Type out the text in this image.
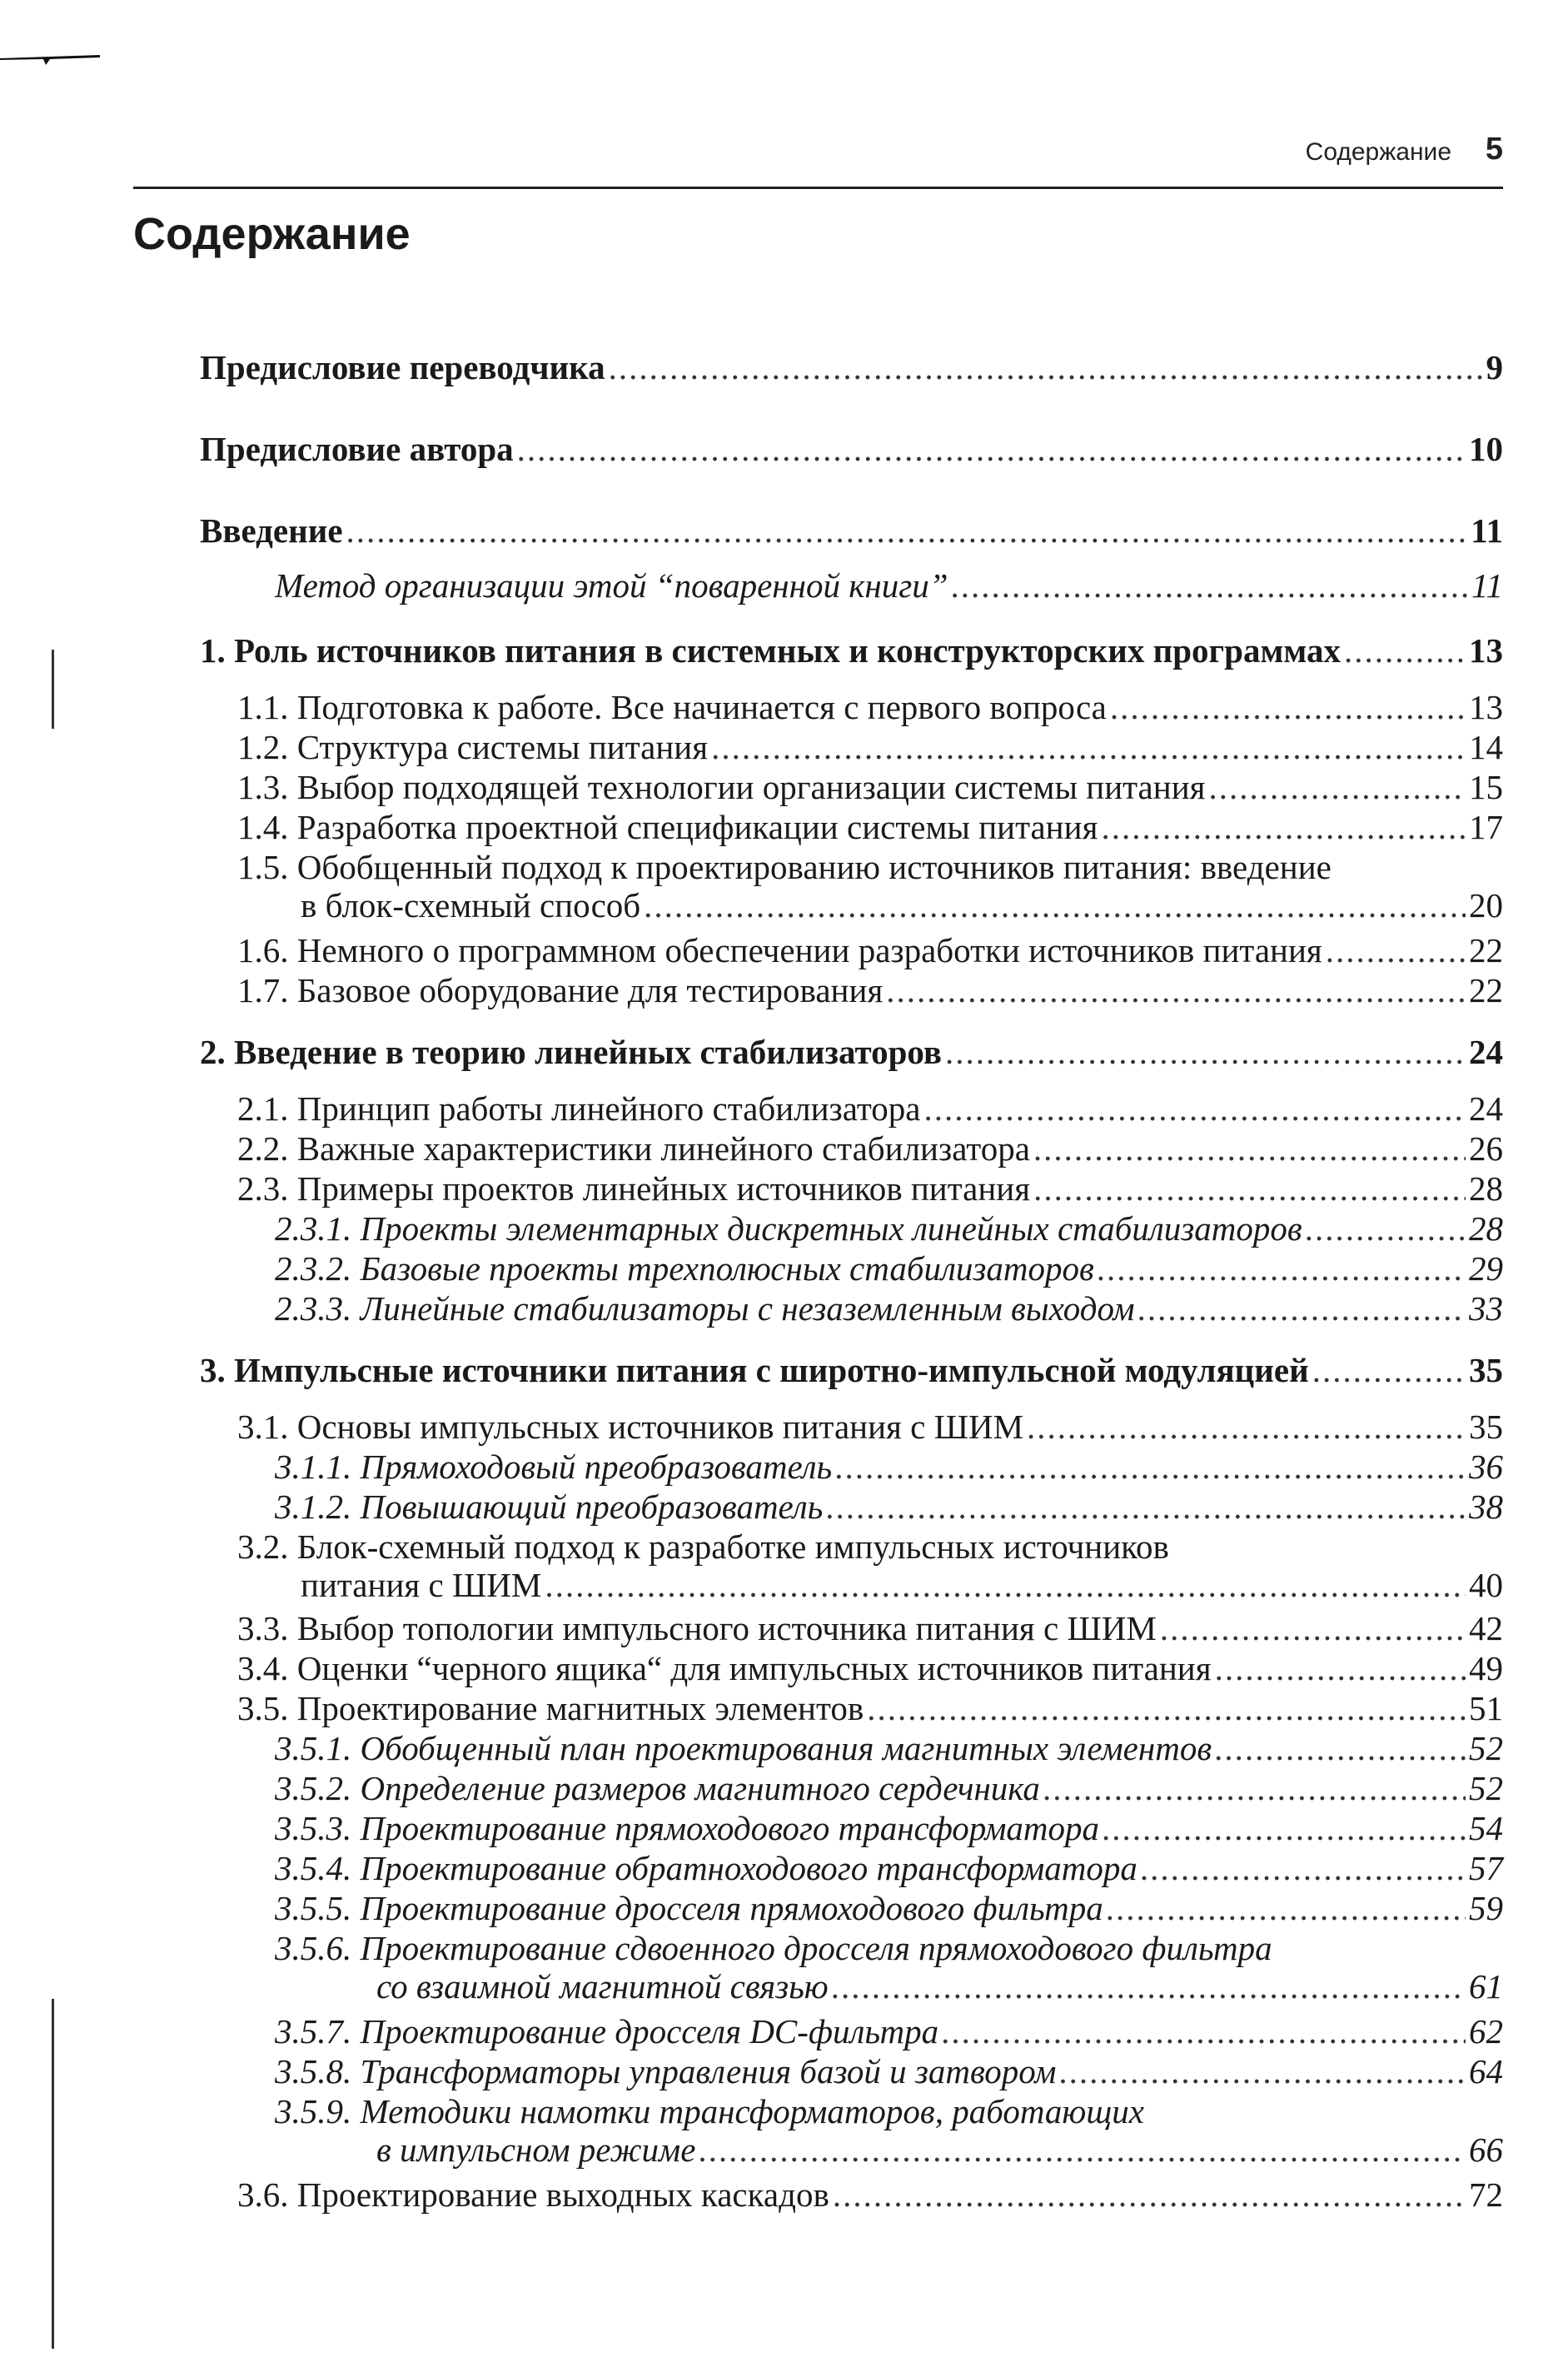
Содержание 5
Содержание
Предисловие переводчика .....	9
Предисловие автора .....	10
Введение .....	11
Метод организации этой “поваренной книги” .....	11
1. Роль источников питания в системных и конструкторских программах .....	13
1.1. Подготовка к работе. Все начинается с первого вопроса .....	13
1.2. Структура системы питания .....	14
1.3. Выбор подходящей технологии организации системы питания .....	15
1.4. Разработка проектной спецификации системы питания .....	17
1.5. Обобщенный подход к проектированию источников питания: введение
в блок-схемный способ .....	20
1.6. Немного о программном обеспечении разработки источников питания .....	22
1.7. Базовое оборудование для тестирования .....	22
2. Введение в теорию линейных стабилизаторов .....	24
2.1. Принцип работы линейного стабилизатора .....	24
2.2. Важные характеристики линейного стабилизатора .....	26
2.3. Примеры проектов линейных источников питания .....	28
2.3.1. Проекты элементарных дискретных линейных стабилизаторов .....	28
2.3.2. Базовые проекты трехполюсных стабилизаторов .....	29
2.3.3. Линейные стабилизаторы с незаземленным выходом .....	33
3. Импульсные источники питания с широтно-импульсной модуляцией .....	35
3.1. Основы импульсных источников питания с ШИМ .....	35
3.1.1. Прямоходовый преобразователь .....	36
3.1.2. Повышающий преобразователь .....	38
3.2. Блок-схемный подход к разработке импульсных источников
питания с ШИМ .....	40
3.3. Выбор топологии импульсного источника питания с ШИМ .....	42
3.4. Оценки “черного ящика“ для импульсных источников питания .....	49
3.5. Проектирование магнитных элементов .....	51
3.5.1. Обобщенный план проектирования магнитных элементов .....	52
3.5.2. Определение размеров магнитного сердечника .....	52
3.5.3. Проектирование прямоходового трансформатора .....	54
3.5.4. Проектирование обратноходового трансформатора .....	57
3.5.5. Проектирование дросселя прямоходового фильтра .....	59
3.5.6. Проектирование сдвоенного дросселя прямоходового фильтра
со взаимной магнитной связью .....	61
3.5.7. Проектирование дросселя DC-фильтра .....	62
3.5.8. Трансформаторы управления базой и затвором .....	64
3.5.9. Методики намотки трансформаторов, работающих
в импульсном режиме .....	66
3.6. Проектирование выходных каскадов .....	72
